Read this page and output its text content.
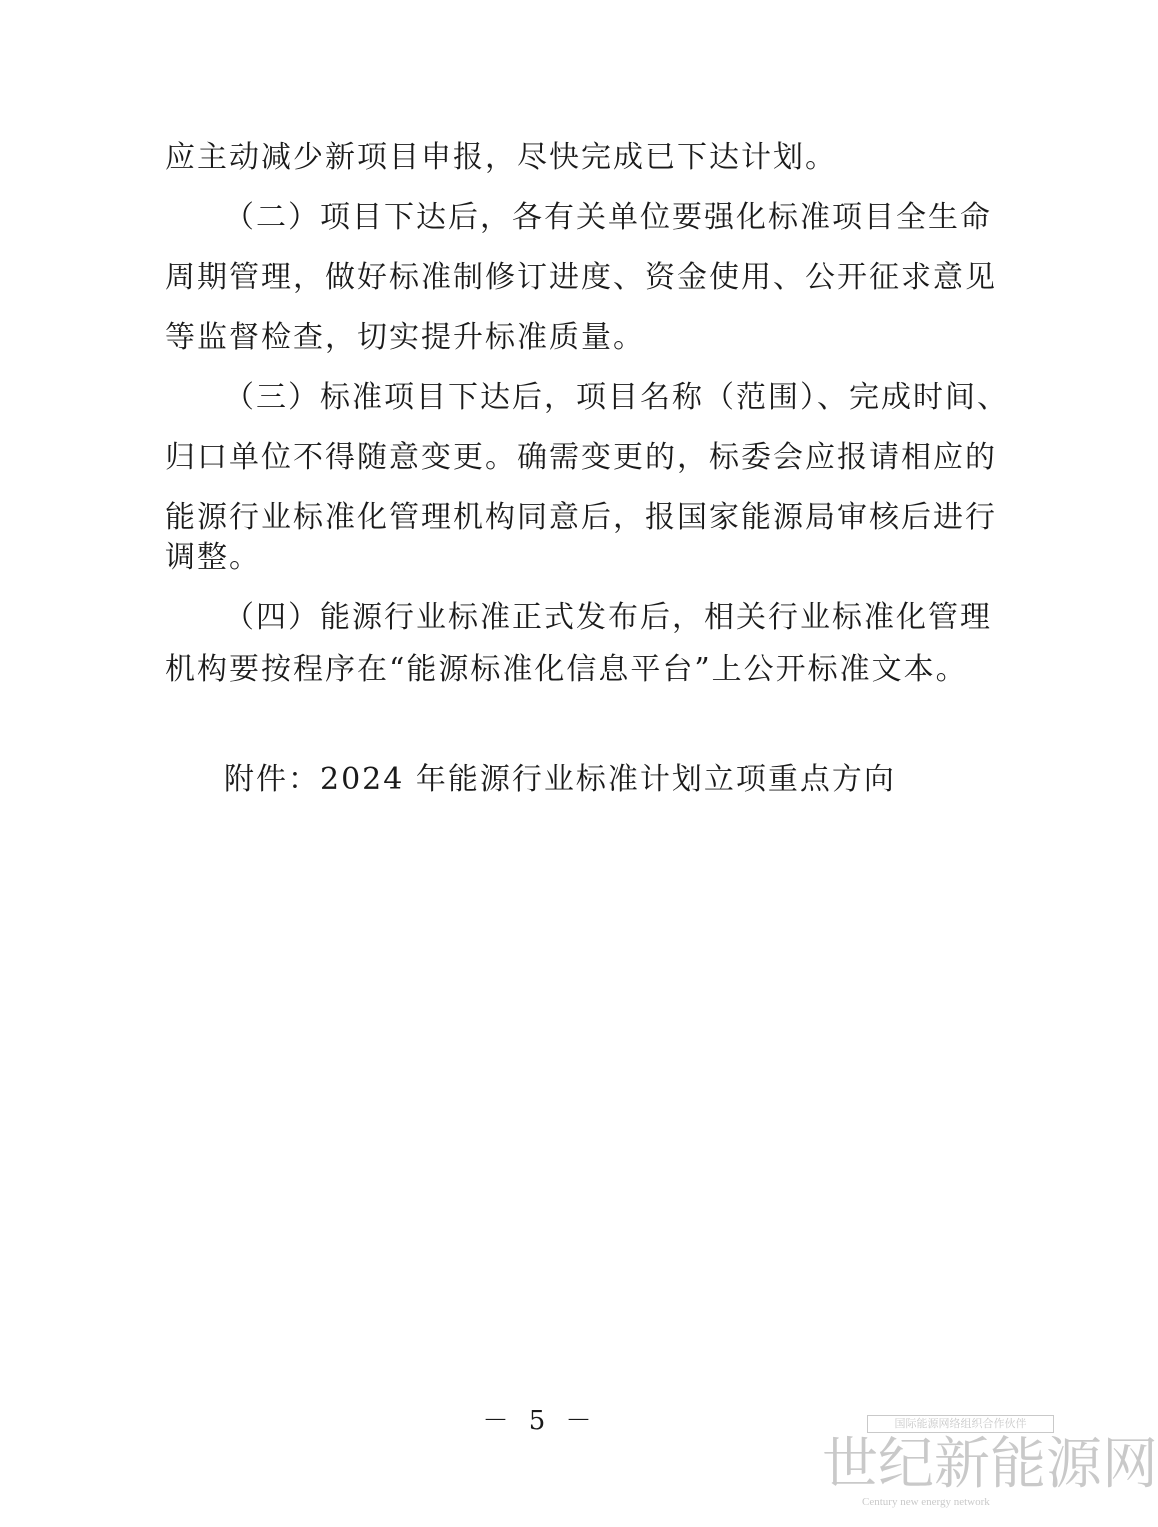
应主动减少新项目申报，尽快完成已下达计划。
（二）项目下达后，各有关单位要强化标准项目全生命
周期管理，做好标准制修订进度、资金使用、公开征求意见
等监督检查，切实提升标准质量。
（三）标准项目下达后，项目名称（范围）、完成时间、
归口单位不得随意变更。确需变更的，标委会应报请相应的
能源行业标准化管理机构同意后，报国家能源局审核后进行
调整。
（四）能源行业标准正式发布后，相关行业标准化管理
机构要按程序在“能源标准化信息平台”上公开标准文本。
附件：2024 年能源行业标准计划立项重点方向
－ 5 －	国际能源网络组织合作伙伴
世纪新能源网
Century new energy network
